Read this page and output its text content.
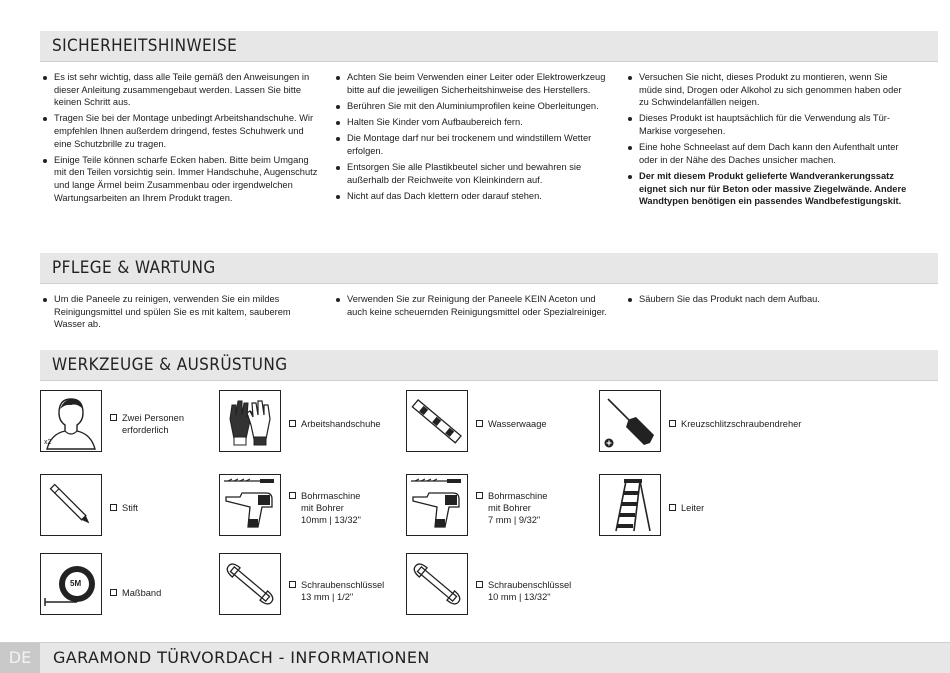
SICHERHEITSHINWEISE
Es ist sehr wichtig, dass alle Teile gemäß den Anweisungen in dieser Anleitung zusammengebaut werden. Lassen Sie bitte keinen Schritt aus.
Tragen Sie bei der Montage unbedingt Arbeitshandschuhe. Wir empfehlen Ihnen außerdem dringend, festes Schuhwerk und eine Schutzbrille zu tragen.
Einige Teile können scharfe Ecken haben. Bitte beim Umgang mit den Teilen vorsichtig sein. Immer Handschuhe, Augenschutz und lange Ärmel beim Zusammenbau oder irgendwelchen Wartungsarbeiten an Ihrem Produkt tragen.
Achten Sie beim Verwenden einer Leiter oder Elektrowerkzeug bitte auf die jeweiligen Sicherheitshinweise des Herstellers.
Berühren Sie mit den Aluminiumprofilen keine Oberleitungen.
Halten Sie Kinder vom Aufbaubereich fern.
Die Montage darf nur bei trockenem und windstillem Wetter erfolgen.
Entsorgen Sie alle Plastikbeutel sicher und bewahren sie außerhalb der Reichweite von Kleinkindern auf.
Nicht auf das Dach klettern oder darauf stehen.
Versuchen Sie nicht, dieses Produkt zu montieren, wenn Sie müde sind, Drogen oder Alkohol zu sich genommen haben oder zu Schwindelanfällen neigen.
Dieses Produkt ist hauptsächlich für die Verwendung als Tür-Markise vorgesehen.
Eine hohe Schneelast auf dem Dach kann den Aufenthalt unter oder in der Nähe des Daches unsicher machen.
Der mit diesem Produkt gelieferte Wandverankerungssatz eignet sich nur für Beton oder massive Ziegelwände. Andere Wandtypen benötigen ein passendes Wandbefestigungskit.
PFLEGE & WARTUNG
Um die Paneele zu reinigen, verwenden Sie ein mildes Reinigungsmittel und spülen Sie es mit kaltem, sauberem Wasser ab.
Verwenden Sie zur Reinigung der Paneele KEIN Aceton und auch keine scheuernden Reinigungsmittel oder Spezialreiniger.
Säubern Sie das Produkt nach dem Aufbau.
WERKZEUGE & AUSRÜSTUNG
x2
Zwei Personen
erforderlich
Arbeitshandschuhe	Wasserwaage	Kreuzschlitzschraubendreher
Stift
Bohrmaschine
mit Bohrer
10mm | 13/32"
Bohrmaschine
mit Bohrer
7 mm | 9/32"
Leiter
5M
Maßband
Schraubenschlüssel
13 mm | 1/2"
Schraubenschlüssel
10 mm | 13/32"
DE	GARAMOND TÜRVORDACH - INFORMATIONEN
